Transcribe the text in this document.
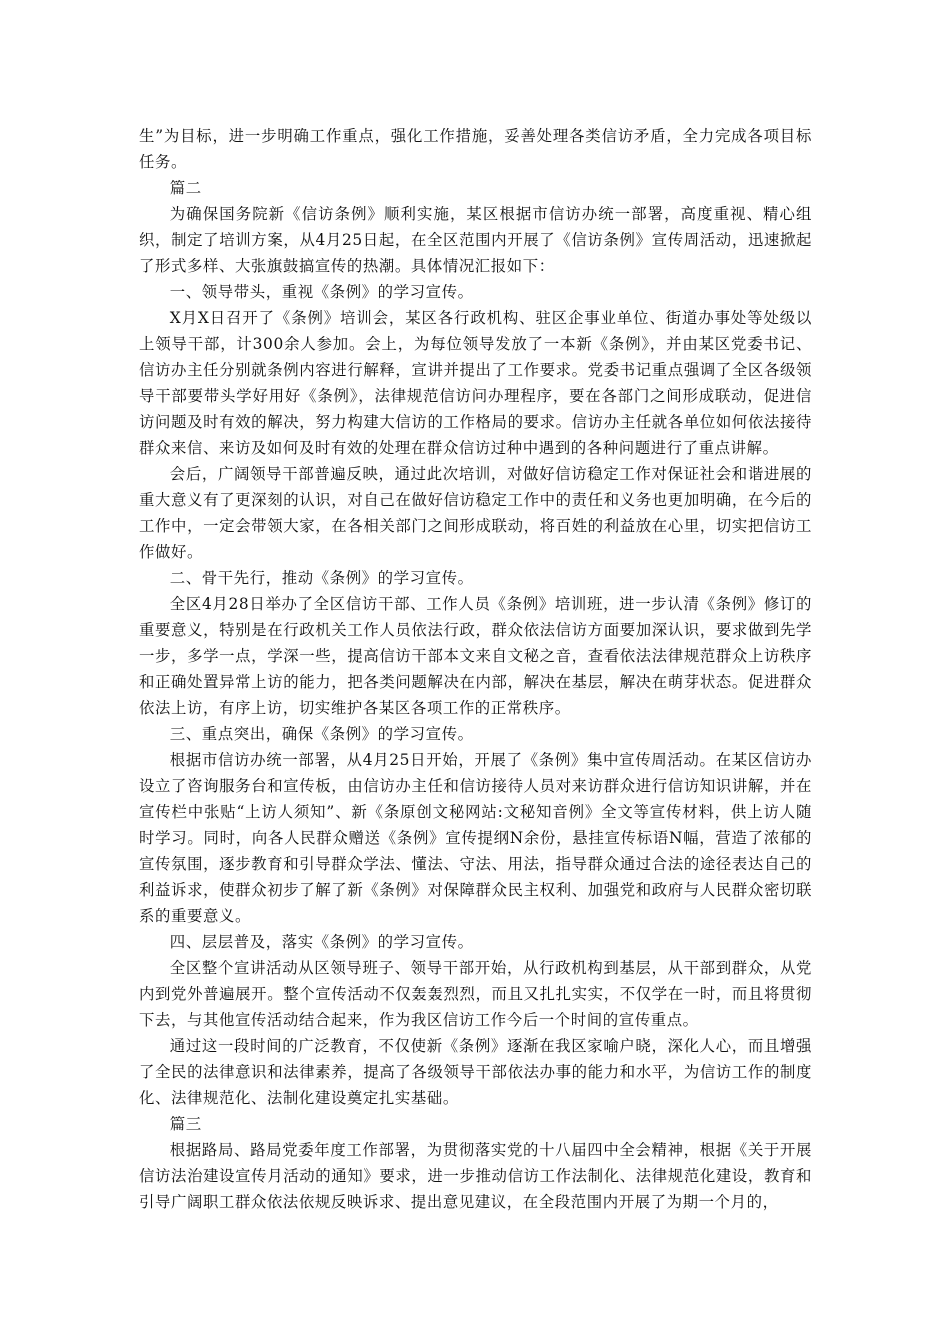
生”为目标，进一步明确工作重点，强化工作措施，妥善处理各类信访矛盾，全力完成各项目标任务。

篇二

为确保国务院新《信访条例》顺利实施，某区根据市信访办统一部署，高度重视、精心组织，制定了培训方案，从4月25日起，在全区范围内开展了《信访条例》宣传周活动，迅速掀起了形式多样、大张旗鼓搞宣传的热潮。具体情况汇报如下：

一、领导带头，重视《条例》的学习宣传。

X月X日召开了《条例》培训会，某区各行政机构、驻区企事业单位、街道办事处等处级以上领导干部，计300余人参加。会上，为每位领导发放了一本新《条例》，并由某区党委书记、信访办主任分别就条例内容进行解释，宣讲并提出了工作要求。党委书记重点强调了全区各级领导干部要带头学好用好《条例》，法律规范信访问办理程序，要在各部门之间形成联动，促进信访问题及时有效的解决，努力构建大信访的工作格局的要求。信访办主任就各单位如何依法接待群众来信、来访及如何及时有效的处理在群众信访过种中遇到的各种问题进行了重点讲解。

会后，广阔领导干部普遍反映，通过此次培训，对做好信访稳定工作对保证社会和谐进展的重大意义有了更深刻的认识，对自己在做好信访稳定工作中的责任和义务也更加明确，在今后的工作中，一定会带领大家，在各相关部门之间形成联动，将百姓的利益放在心里，切实把信访工作做好。

二、骨干先行，推动《条例》的学习宣传。

全区4月28日举办了全区信访干部、工作人员《条例》培训班，进一步认清《条例》修订的重要意义，特别是在行政机关工作人员依法行政，群众依法信访方面要加深认识，要求做到先学一步，多学一点，学深一些，提高信访干部本文来自文秘之音，查看依法法律规范群众上访秩序和正确处置异常上访的能力，把各类问题解决在内部，解决在基层，解决在萌芽状态。促进群众依法上访，有序上访，切实维护各某区各项工作的正常秩序。

三、重点突出，确保《条例》的学习宣传。

根据市信访办统一部署，从4月25日开始，开展了《条例》集中宣传周活动。在某区信访办设立了咨询服务台和宣传板，由信访办主任和信访接待人员对来访群众进行信访知识讲解，并在宣传栏中张贴“上访人须知”、新《条原创文秘网站:文秘知音例》全文等宣传材料，供上访人随时学习。同时，向各人民群众赠送《条例》宣传提纲N余份，悬挂宣传标语N幅，营造了浓郁的宣传氛围，逐步教育和引导群众学法、懂法、守法、用法，指导群众通过合法的途径表达自己的利益诉求，使群众初步了解了新《条例》对保障群众民主权利、加强党和政府与人民群众密切联系的重要意义。

四、层层普及，落实《条例》的学习宣传。

全区整个宣讲活动从区领导班子、领导干部开始，从行政机构到基层，从干部到群众，从党内到党外普遍展开。整个宣传活动不仅轰轰烈烈，而且又扎扎实实，不仅学在一时，而且将贯彻下去，与其他宣传活动结合起来，作为我区信访工作今后一个时间的宣传重点。

通过这一段时间的广泛教育，不仅使新《条例》逐渐在我区家喻户晓，深化人心，而且增强了全民的法律意识和法律素养，提高了各级领导干部依法办事的能力和水平，为信访工作的制度化、法律规范化、法制化建设奠定扎实基础。

篇三

根据路局、路局党委年度工作部署，为贯彻落实党的十八届四中全会精神，根据《关于开展信访法治建设宣传月活动的通知》要求，进一步推动信访工作法制化、法律规范化建设，教育和引导广阔职工群众依法依规反映诉求、提出意见建议，在全段范围内开展了为期一个月的，
